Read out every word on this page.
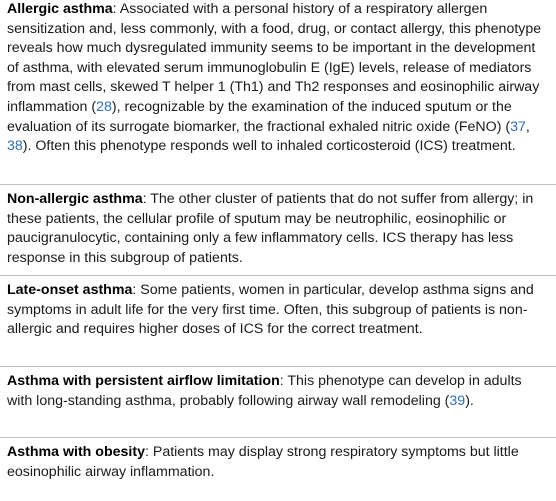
Allergic asthma: Associated with a personal history of a respiratory allergen sensitization and, less commonly, with a food, drug, or contact allergy, this phenotype reveals how much dysregulated immunity seems to be important in the development of asthma, with elevated serum immunoglobulin E (IgE) levels, release of mediators from mast cells, skewed T helper 1 (Th1) and Th2 responses and eosinophilic airway inflammation (28), recognizable by the examination of the induced sputum or the evaluation of its surrogate biomarker, the fractional exhaled nitric oxide (FeNO) (37, 38). Often this phenotype responds well to inhaled corticosteroid (ICS) treatment.
Non-allergic asthma: The other cluster of patients that do not suffer from allergy; in these patients, the cellular profile of sputum may be neutrophilic, eosinophilic or paucigranulocytic, containing only a few inflammatory cells. ICS therapy has less response in this subgroup of patients.
Late-onset asthma: Some patients, women in particular, develop asthma signs and symptoms in adult life for the very first time. Often, this subgroup of patients is non-allergic and requires higher doses of ICS for the correct treatment.
Asthma with persistent airflow limitation: This phenotype can develop in adults with long-standing asthma, probably following airway wall remodeling (39).
Asthma with obesity: Patients may display strong respiratory symptoms but little eosinophilic airway inflammation.
